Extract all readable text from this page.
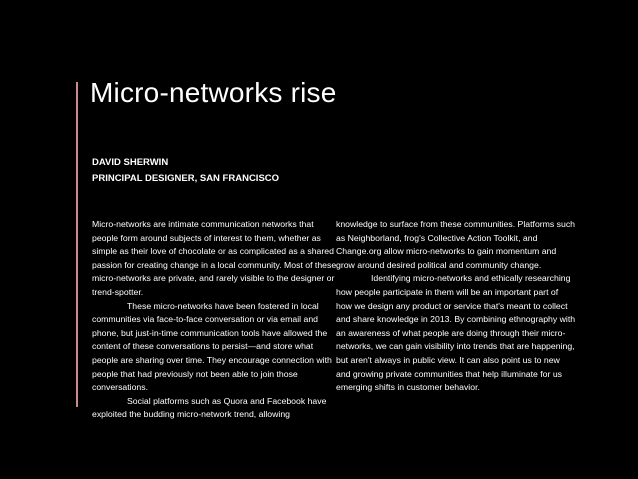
Micro-networks rise
DAVID SHERWIN
PRINCIPAL DESIGNER, SAN FRANCISCO

Micro-networks are intimate communication networks that people form around subjects of interest to them, whether as simple as their love of chocolate or as complicated as a shared passion for creating change in a local community. Most of these micro-networks are private, and rarely visible to the designer or trend-spotter.

These micro-networks have been fostered in local communities via face-to-face conversation or via email and phone, but just-in-time communication tools have allowed the content of these conversations to persist—and store what people are sharing over time. They encourage connection with people that had previously not been able to join those conversations.

Social platforms such as Quora and Facebook have exploited the budding micro-network trend, allowing

knowledge to surface from these communities. Platforms such as Neighborland, frog's Collective Action Toolkit, and Change.org allow micro-networks to gain momentum and grow around desired political and community change.

Identifying micro-networks and ethically researching how people participate in them will be an important part of how we design any product or service that's meant to collect and share knowledge in 2013. By combining ethnography with an awareness of what people are doing through their micro-networks, we can gain visibility into trends that are happening, but aren't always in public view. It can also point us to new and growing private communities that help illuminate for us emerging shifts in customer behavior.
